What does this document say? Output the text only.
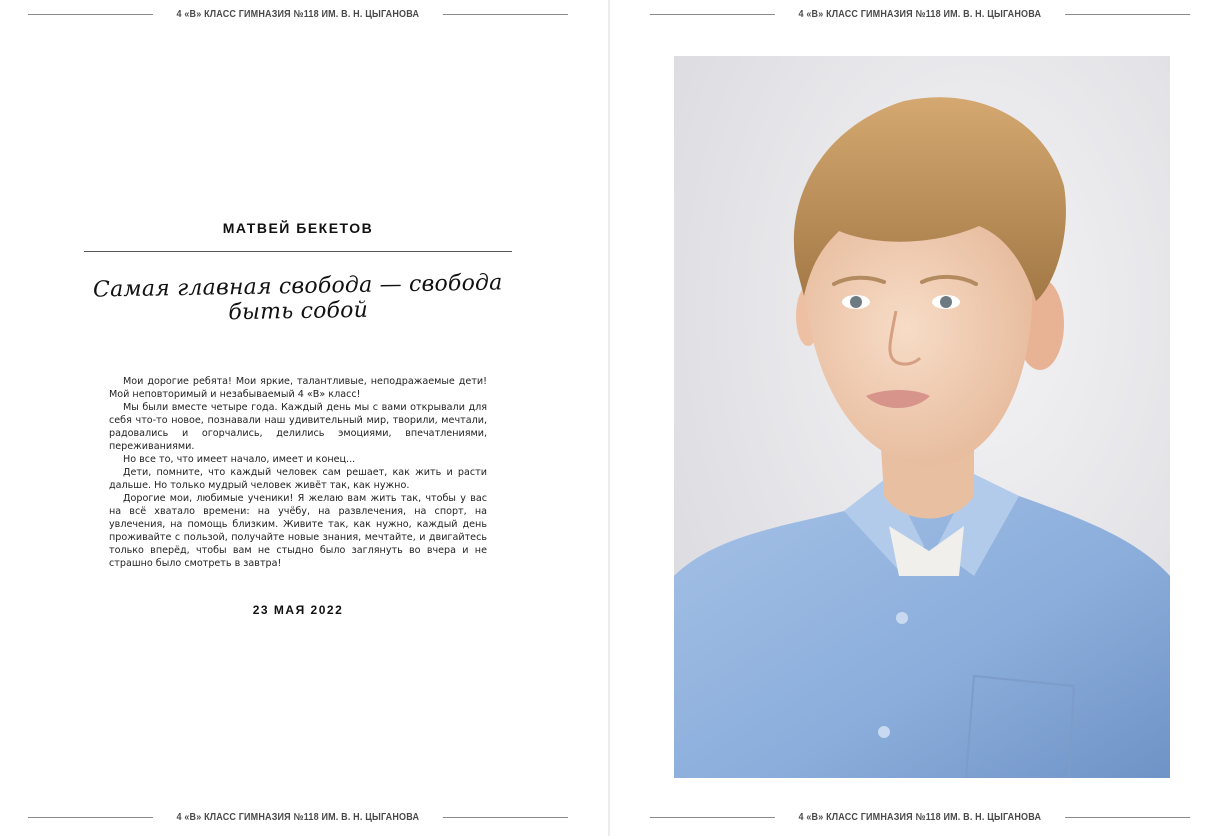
4 «В» КЛАСС ГИМНАЗИЯ №118 ИМ. В. Н. ЦЫГАНОВА
МАТВЕЙ БЕКЕТОВ
Самая главная свобода — свобода быть собой

Мои дорогие ребята! Мои яркие, талантливые, неподражаемые дети! Мой неповторимый и незабываемый 4 «В» класс!

Мы были вместе четыре года. Каждый день мы с вами открывали для себя что-то новое, познавали наш удивительный мир, творили, мечтали, радовались и огорчались, делились эмоциями, впечатлениями, переживаниями.

Но все то, что имеет начало, имеет и конец...

Дети, помните, что каждый человек сам решает, как жить и расти дальше. Но только мудрый человек живёт так, как нужно.

Дорогие мои, любимые ученики! Я желаю вам жить так, чтобы у вас на всё хватало времени: на учёбу, на развлечения, на спорт, на увлечения, на помощь близким. Живите так, как нужно, каждый день проживайте с пользой, получайте новые знания, мечтайте, и двигайтесь только вперёд, чтобы вам не стыдно было заглянуть во вчера и не страшно было смотреть в завтра!

23 МАЯ 2022
4 «В» КЛАСС ГИМНАЗИЯ №118 ИМ. В. Н. ЦЫГАНОВА
4 «В» КЛАСС ГИМНАЗИЯ №118 ИМ. В. Н. ЦЫГАНОВА
4 «В» КЛАСС ГИМНАЗИЯ №118 ИМ. В. Н. ЦЫГАНОВА
